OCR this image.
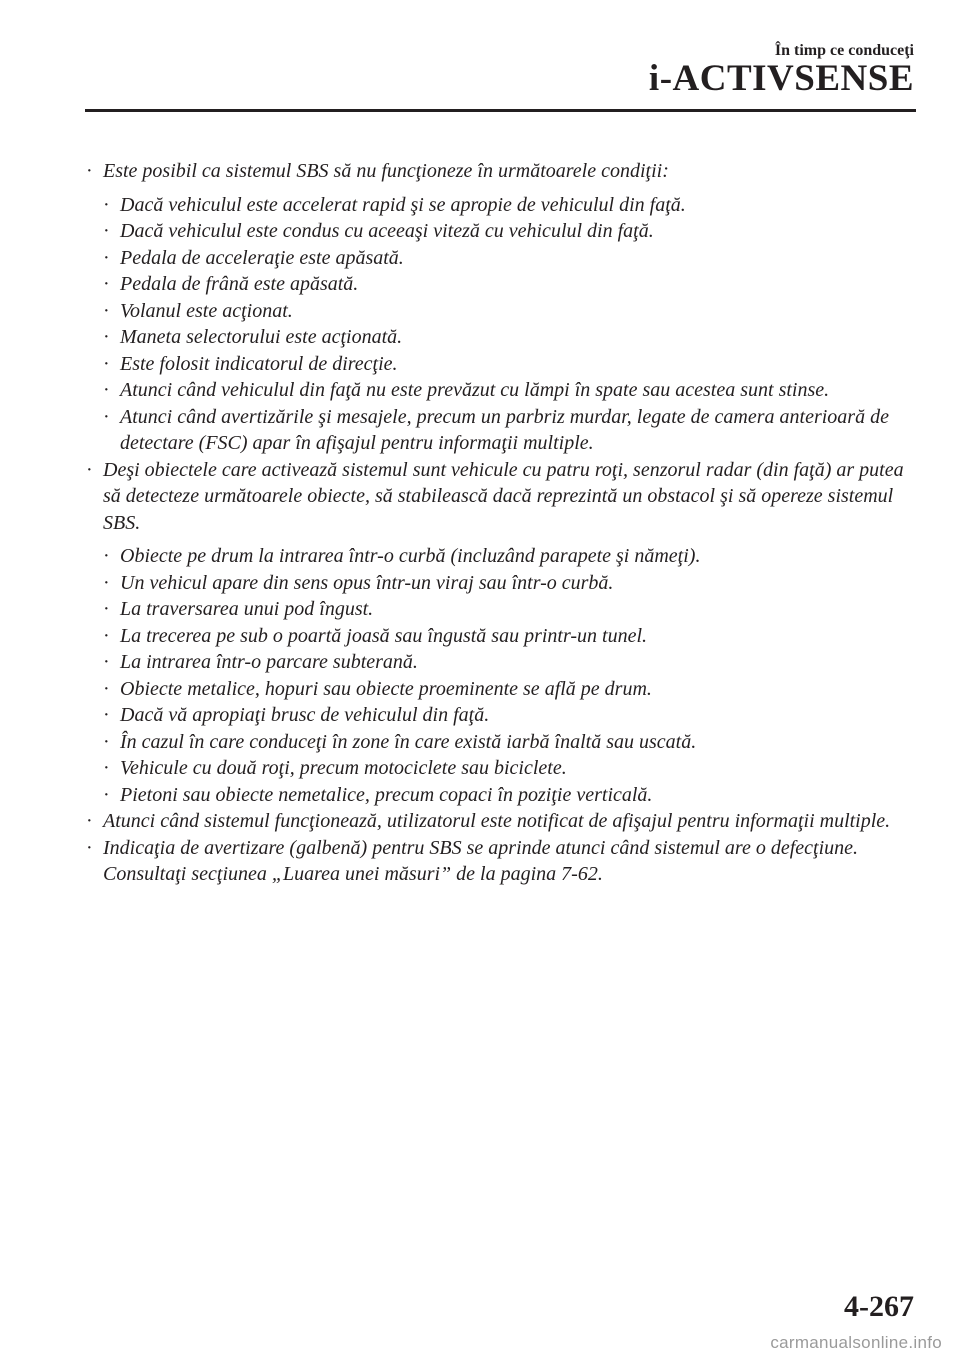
În timp ce conduceţi
i-ACTIVSENSE
· Este posibil ca sistemul SBS să nu funcţioneze în următoarele condiţii:
· Dacă vehiculul este accelerat rapid şi se apropie de vehiculul din faţă.
· Dacă vehiculul este condus cu aceeaşi viteză cu vehiculul din faţă.
· Pedala de acceleraţie este apăsată.
· Pedala de frână este apăsată.
· Volanul este acţionat.
· Maneta selectorului este acţionată.
· Este folosit indicatorul de direcţie.
· Atunci când vehiculul din faţă nu este prevăzut cu lămpi în spate sau acestea sunt stinse.
· Atunci când avertizările şi mesajele, precum un parbriz murdar, legate de camera anterioară de detectare (FSC) apar în afişajul pentru informaţii multiple.
· Deşi obiectele care activează sistemul sunt vehicule cu patru roţi, senzorul radar (din faţă) ar putea să detecteze următoarele obiecte, să stabilească dacă reprezintă un obstacol şi să opereze sistemul SBS.
· Obiecte pe drum la intrarea într-o curbă (incluzând parapete şi nămeţi).
· Un vehicul apare din sens opus într-un viraj sau într-o curbă.
· La traversarea unui pod îngust.
· La trecerea pe sub o poartă joasă sau îngustă sau printr-un tunel.
· La intrarea într-o parcare subterană.
· Obiecte metalice, hopuri sau obiecte proeminente se află pe drum.
· Dacă vă apropiaţi brusc de vehiculul din faţă.
· În cazul în care conduceţi în zone în care există iarbă înaltă sau uscată.
· Vehicule cu două roţi, precum motociclete sau biciclete.
· Pietoni sau obiecte nemetalice, precum copaci în poziţie verticală.
· Atunci când sistemul funcţionează, utilizatorul este notificat de afişajul pentru informaţii multiple.
· Indicaţia de avertizare (galbenă) pentru SBS se aprinde atunci când sistemul are o defecţiune.
Consultaţi secţiunea „Luarea unei măsuri” de la pagina 7-62.
4-267
carmanualsonline.info
